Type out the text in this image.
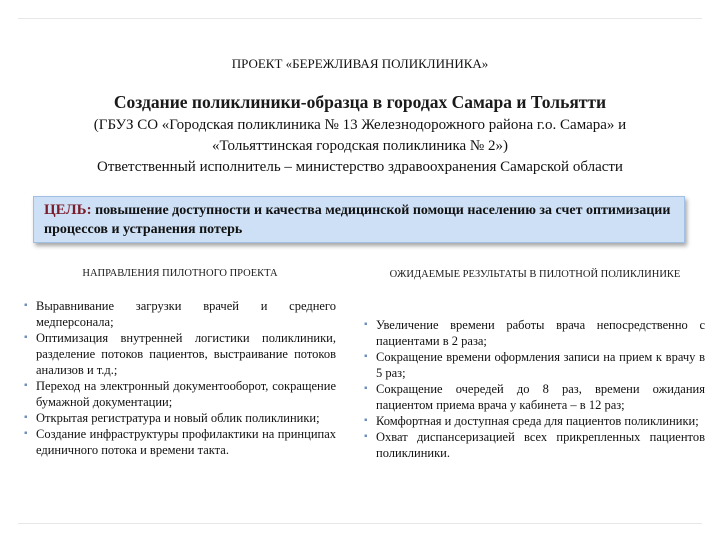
ПРОЕКТ «БЕРЕЖЛИВАЯ ПОЛИКЛИНИКА»
Создание поликлиники-образца в городах Самара и Тольятти
(ГБУЗ СО «Городская поликлиника № 13 Железнодорожного района г.о. Самара» и
«Тольяттинская городская поликлиника № 2»)
Ответственный исполнитель – министерство здравоохранения Самарской области
ЦЕЛЬ: повышение доступности и качества медицинской помощи населению за счет оптимизации процессов и устранения потерь
НАПРАВЛЕНИЯ ПИЛОТНОГО ПРОЕКТА
▪ Выравнивание загрузки врачей и среднего медперсонала;
▪ Оптимизация внутренней логистики поликлиники, разделение потоков пациентов, выстраивание потоков анализов и т.д.;
▪ Переход на электронный документооборот, сокращение бумажной документации;
▪ Открытая регистратура и новый облик поликлиники;
▪ Создание инфраструктуры профилактики на принципах единичного потока и времени такта.
ОЖИДАЕМЫЕ РЕЗУЛЬТАТЫ В ПИЛОТНОЙ ПОЛИКЛИНИКЕ
▪ Увеличение времени работы врача непосредственно с пациентами в 2 раза;
▪ Сокращение времени оформления записи на прием к врачу в 5 раз;
▪ Сокращение очередей до 8 раз, времени ожидания пациентом приема врача у кабинета – в 12 раз;
▪ Комфортная и доступная среда для пациентов поликлиники;
▪ Охват диспансеризацией всех прикрепленных пациентов поликлиники.
